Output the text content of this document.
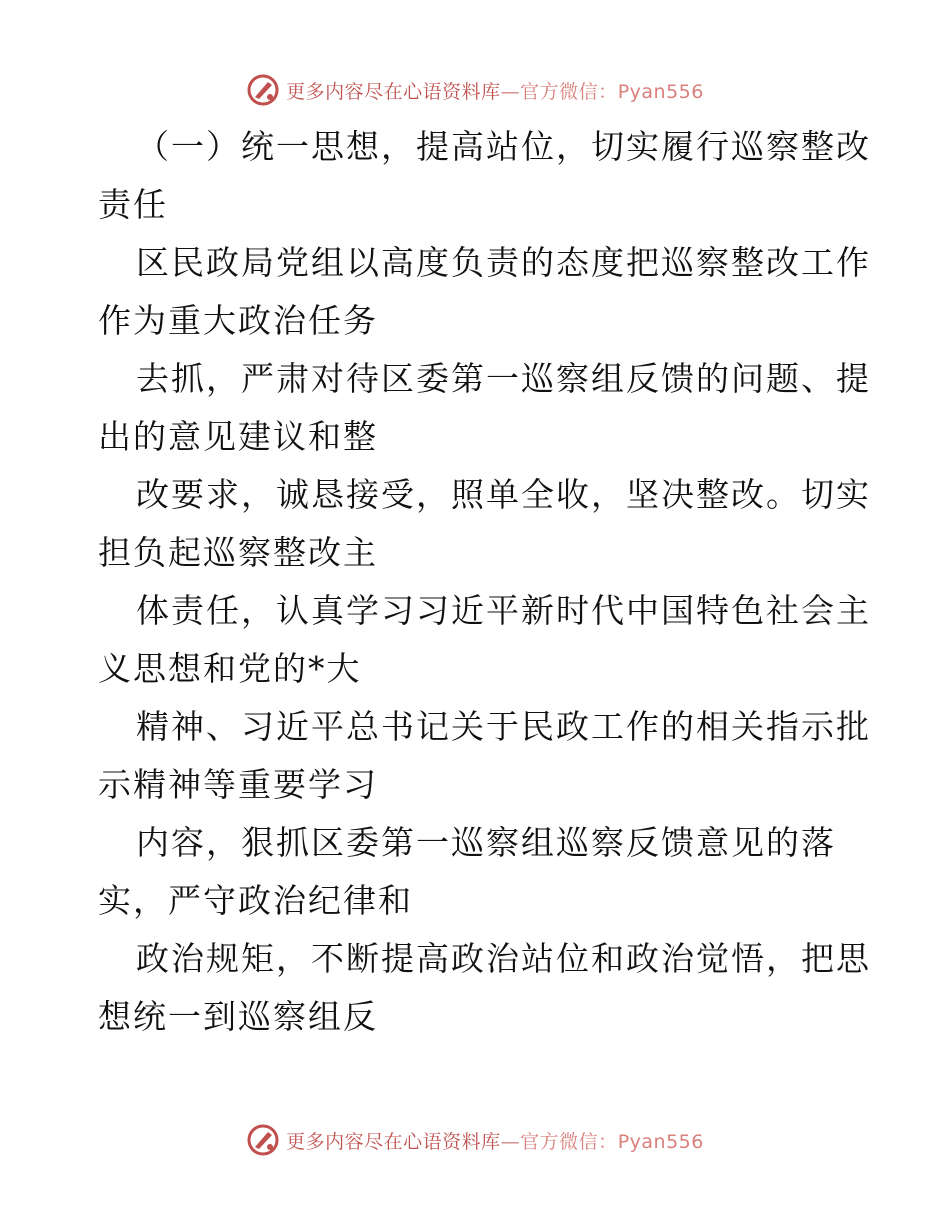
更多内容尽在心语资料库—官方微信：Pyan556
（一）统一思想，提高站位，切实履行巡察整改
责任
区民政局党组以高度负责的态度把巡察整改工作
作为重大政治任务
去抓，严肃对待区委第一巡察组反馈的问题、提
出的意见建议和整
改要求，诚恳接受，照单全收，坚决整改。切实
担负起巡察整改主
体责任，认真学习习近平新时代中国特色社会主
义思想和党的*大
精神、习近平总书记关于民政工作的相关指示批
示精神等重要学习
内容，狠抓区委第一巡察组巡察反馈意见的落
实，严守政治纪律和
政治规矩，不断提高政治站位和政治觉悟，把思
想统一到巡察组反
更多内容尽在心语资料库—官方微信：Pyan556
